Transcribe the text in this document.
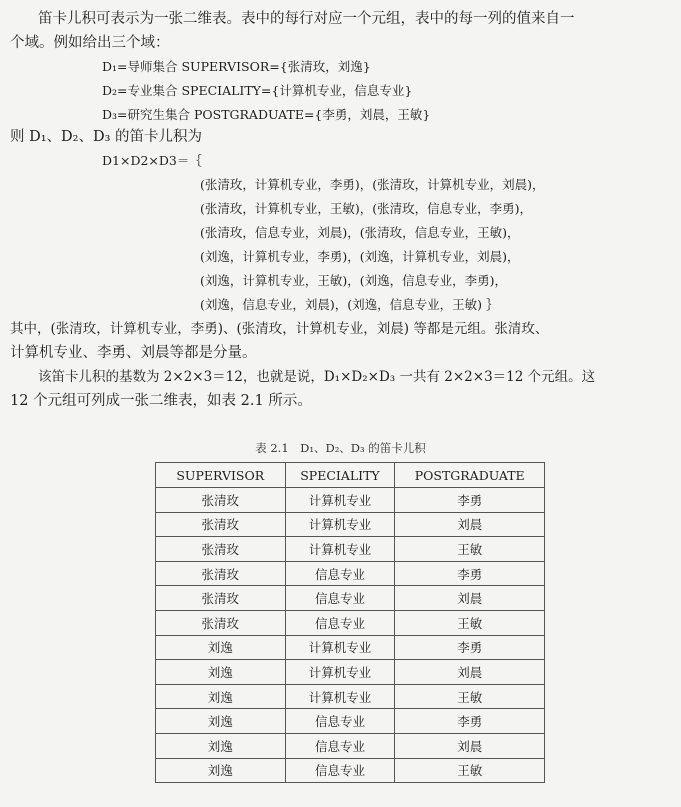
笛卡儿积可表示为一张二维表。表中的每行对应一个元组，表中的每一列的值来自一
个域。例如给出三个域：
D₁=导师集合 SUPERVISOR={张清玫，刘逸}
D₂=专业集合 SPECIALITY={计算机专业，信息专业}
D₃=研究生集合 POSTGRADUATE={李勇，刘晨，王敏}
则 D₁、D₂、D₃ 的笛卡儿积为
D1×D2×D3＝｛
(张清玫，计算机专业，李勇)，(张清玫，计算机专业，刘晨)，
(张清玫，计算机专业，王敏)，(张清玫，信息专业，李勇)，
(张清玫，信息专业，刘晨)，(张清玫，信息专业，王敏)，
(刘逸，计算机专业，李勇)，(刘逸，计算机专业，刘晨)，
(刘逸，计算机专业，王敏)，(刘逸，信息专业，李勇)，
(刘逸，信息专业，刘晨)，(刘逸，信息专业，王敏) ｝
其中，(张清玫，计算机专业，李勇)、(张清玫，计算机专业，刘晨) 等都是元组。张清玫、
计算机专业、李勇、刘晨等都是分量。
该笛卡儿积的基数为 2×2×3＝12，也就是说，D₁×D₂×D₃ 一共有 2×2×3＝12 个元组。这
12 个元组可列成一张二维表，如表 2.1 所示。
表 2.1　D₁、D₂、D₃ 的笛卡儿积
SUPERVISOR	SPECIALITY	POSTGRADUATE
张清玫	计算机专业	李勇
张清玫	计算机专业	刘晨
张清玫	计算机专业	王敏
张清玫	信息专业	李勇
张清玫	信息专业	刘晨
张清玫	信息专业	王敏
刘逸	计算机专业	李勇
刘逸	计算机专业	刘晨
刘逸	计算机专业	王敏
刘逸	信息专业	李勇
刘逸	信息专业	刘晨
刘逸	信息专业	王敏
